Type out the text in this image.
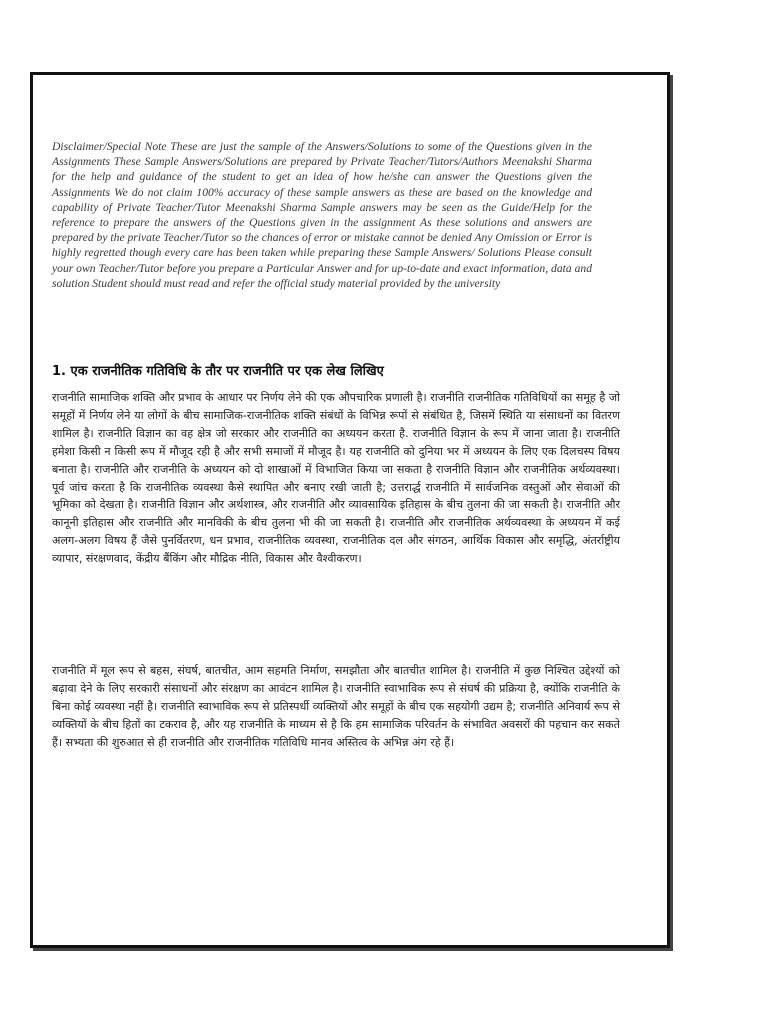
Disclaimer/Special Note These are just the sample of the Answers/Solutions to some of the Questions given in the Assignments These Sample Answers/Solutions are prepared by Private Teacher/Tutors/Authors Meenakshi Sharma for the help and guidance of the student to get an idea of how he/she can answer the Questions given the Assignments We do not claim 100% accuracy of these sample answers as these are based on the knowledge and capability of Private Teacher/Tutor Meenakshi Sharma Sample answers may be seen as the Guide/Help for the reference to prepare the answers of the Questions given in the assignment As these solutions and answers are prepared by the private Teacher/Tutor so the chances of error or mistake cannot be denied Any Omission or Error is highly regretted though every care has been taken while preparing these Sample Answers/ Solutions Please consult your own Teacher/Tutor before you prepare a Particular Answer and for up-to-date and exact information, data and solution Student should must read and refer the official study material provided by the university

1. एक राजनीतिक गतिविधि के तौर पर राजनीति पर एक लेख लिखिए

राजनीति सामाजिक शक्ति और प्रभाव के आधार पर निर्णय लेने की एक औपचारिक प्रणाली है। राजनीति राजनीतिक गतिविधियों का समूह है जो समूहों में निर्णय लेने या लोगों के बीच सामाजिक-राजनीतिक शक्ति संबंधों के विभिन्न रूपों से संबंधित है, जिसमें स्थिति या संसाधनों का वितरण शामिल है। राजनीति विज्ञान का वह क्षेत्र जो सरकार और राजनीति का अध्ययन करता है. राजनीति विज्ञान के रूप में जाना जाता है। राजनीति हमेशा किसी न किसी रूप में मौजूद रही है और सभी समाजों में मौजूद है। यह राजनीति को दुनिया भर में अध्ययन के लिए एक दिलचस्प विषय बनाता है। राजनीति और राजनीति के अध्ययन को दो शाखाओं में विभाजित किया जा सकता है राजनीति विज्ञान और राजनीतिक अर्थव्यवस्था। पूर्व जांच करता है कि राजनीतिक व्यवस्था कैसे स्थापित और बनाए रखी जाती है; उत्तरार्द्ध राजनीति में सार्वजनिक वस्तुओं और सेवाओं की भूमिका को देखता है। राजनीति विज्ञान और अर्थशास्त्र, और राजनीति और व्यावसायिक इतिहास के बीच तुलना की जा सकती है। राजनीति और कानूनी इतिहास और राजनीति और मानविकी के बीच तुलना भी की जा सकती है। राजनीति और राजनीतिक अर्थव्यवस्था के अध्ययन में कई अलग-अलग विषय हैं जैसे पुनर्वितरण, धन प्रभाव, राजनीतिक व्यवस्था, राजनीतिक दल और संगठन, आर्थिक विकास और समृद्धि, अंतर्राष्ट्रीय व्यापार, संरक्षणवाद, केंद्रीय बैंकिंग और मौद्रिक नीति, विकास और वैश्वीकरण।

राजनीति में मूल रूप से बहस, संघर्ष, बातचीत, आम सहमति निर्माण, समझौता और बातचीत शामिल है। राजनीति में कुछ निश्चित उद्देश्यों को बढ़ावा देने के लिए सरकारी संसाधनों और संरक्षण का आवंटन शामिल है। राजनीति स्वाभाविक रूप से संघर्ष की प्रक्रिया है, क्योंकि राजनीति के बिना कोई व्यवस्था नहीं है। राजनीति स्वाभाविक रूप से प्रतिस्पर्धी व्यक्तियों और समूहों के बीच एक सहयोगी उद्यम है; राजनीति अनिवार्य रूप से व्यक्तियों के बीच हितों का टकराव है, और यह राजनीति के माध्यम से है कि हम सामाजिक परिवर्तन के संभावित अवसरों की पहचान कर सकते हैं। सभ्यता की शुरुआत से ही राजनीति और राजनीतिक गतिविधि मानव अस्तित्व के अभिन्न अंग रहे हैं।
